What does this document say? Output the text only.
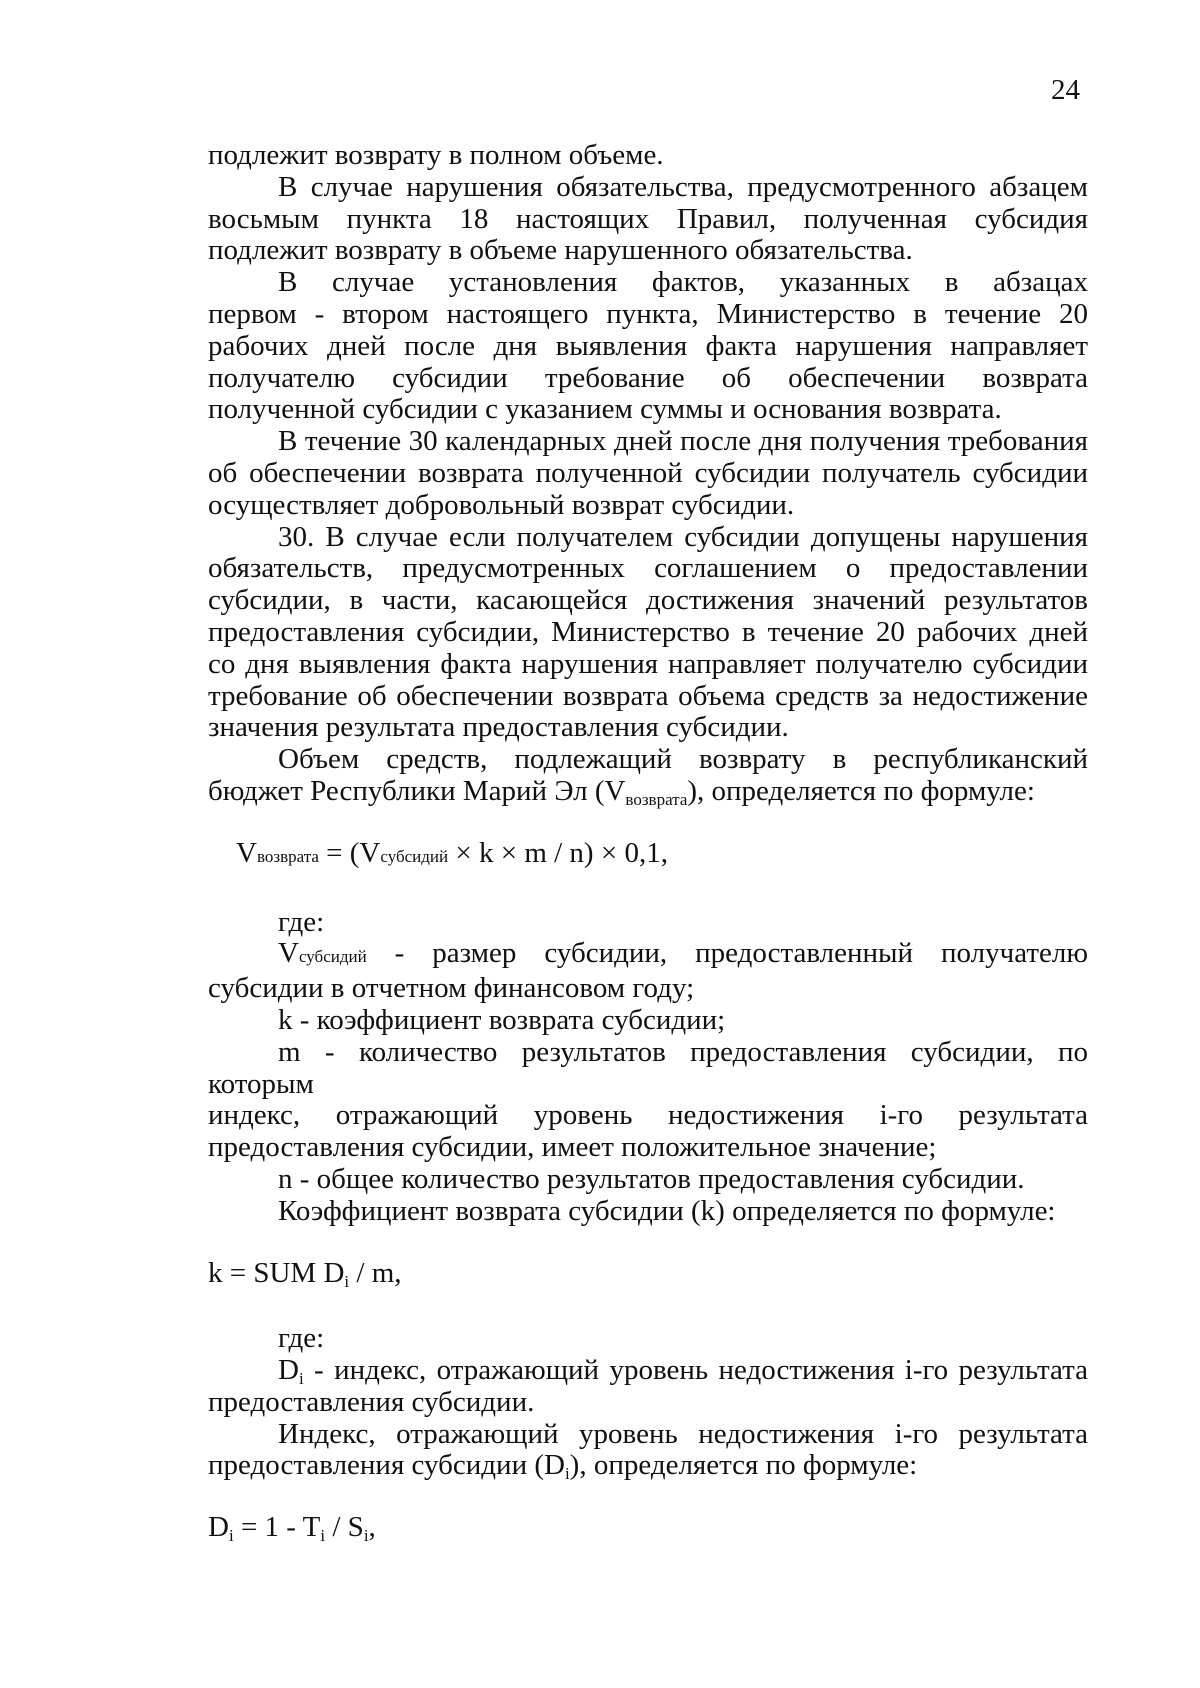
24

подлежит возврату в полном объеме.

В случае нарушения обязательства, предусмотренного абзацем

восьмым пункта 18 настоящих Правил, полученная субсидия подлежит возврату в объеме нарушенного обязательства.

В случае установления фактов, указанных в абзацах

первом - втором настоящего пункта, Министерство в течение 20 рабочих дней после дня выявления факта нарушения направляет получателю субсидии требование об обеспечении возврата полученной субсидии с указанием суммы и основания возврата.

В течение 30 календарных дней после дня получения требования об обеспечении возврата полученной субсидии получатель субсидии осуществляет добровольный возврат субсидии.

30. В случае если получателем субсидии допущены нарушения

обязательств, предусмотренных соглашением о предоставлении субсидии, в части, касающейся достижения значений результатов предоставления субсидии, Министерство в течение 20 рабочих дней со дня выявления факта нарушения направляет получателю субсидии требование об обеспечении возврата объема средств за недостижение значения результата предоставления субсидии.

Объем средств, подлежащий возврату в республиканский бюджет Республики Марий Эл $(V_{возврата})$, определяется по формуле:

Vвозврата = (Vсубсидий × k × m / n) × 0,1,

где:

Vсубсидий - размер субсидии, предоставленный получателю субсидии в отчетном финансовом году;

k - коэффициент возврата субсидии;

m - количество результатов предоставления субсидии, по которым

индекс, отражающий уровень недостижения i-го результата предоставления субсидии, имеет положительное значение;

n - общее количество результатов предоставления субсидии.

Коэффициент возврата субсидии (k) определяется по формуле:

k = SUM $D_i$ / m,

где:

$D_i$ - индекс, отражающий уровень недостижения i-го результата предоставления субсидии.

Индекс, отражающий уровень недостижения i-го результата

предоставления субсидии $(D_i)$, определяется по формуле:

$D_i = 1 - T_i / S_i$,
